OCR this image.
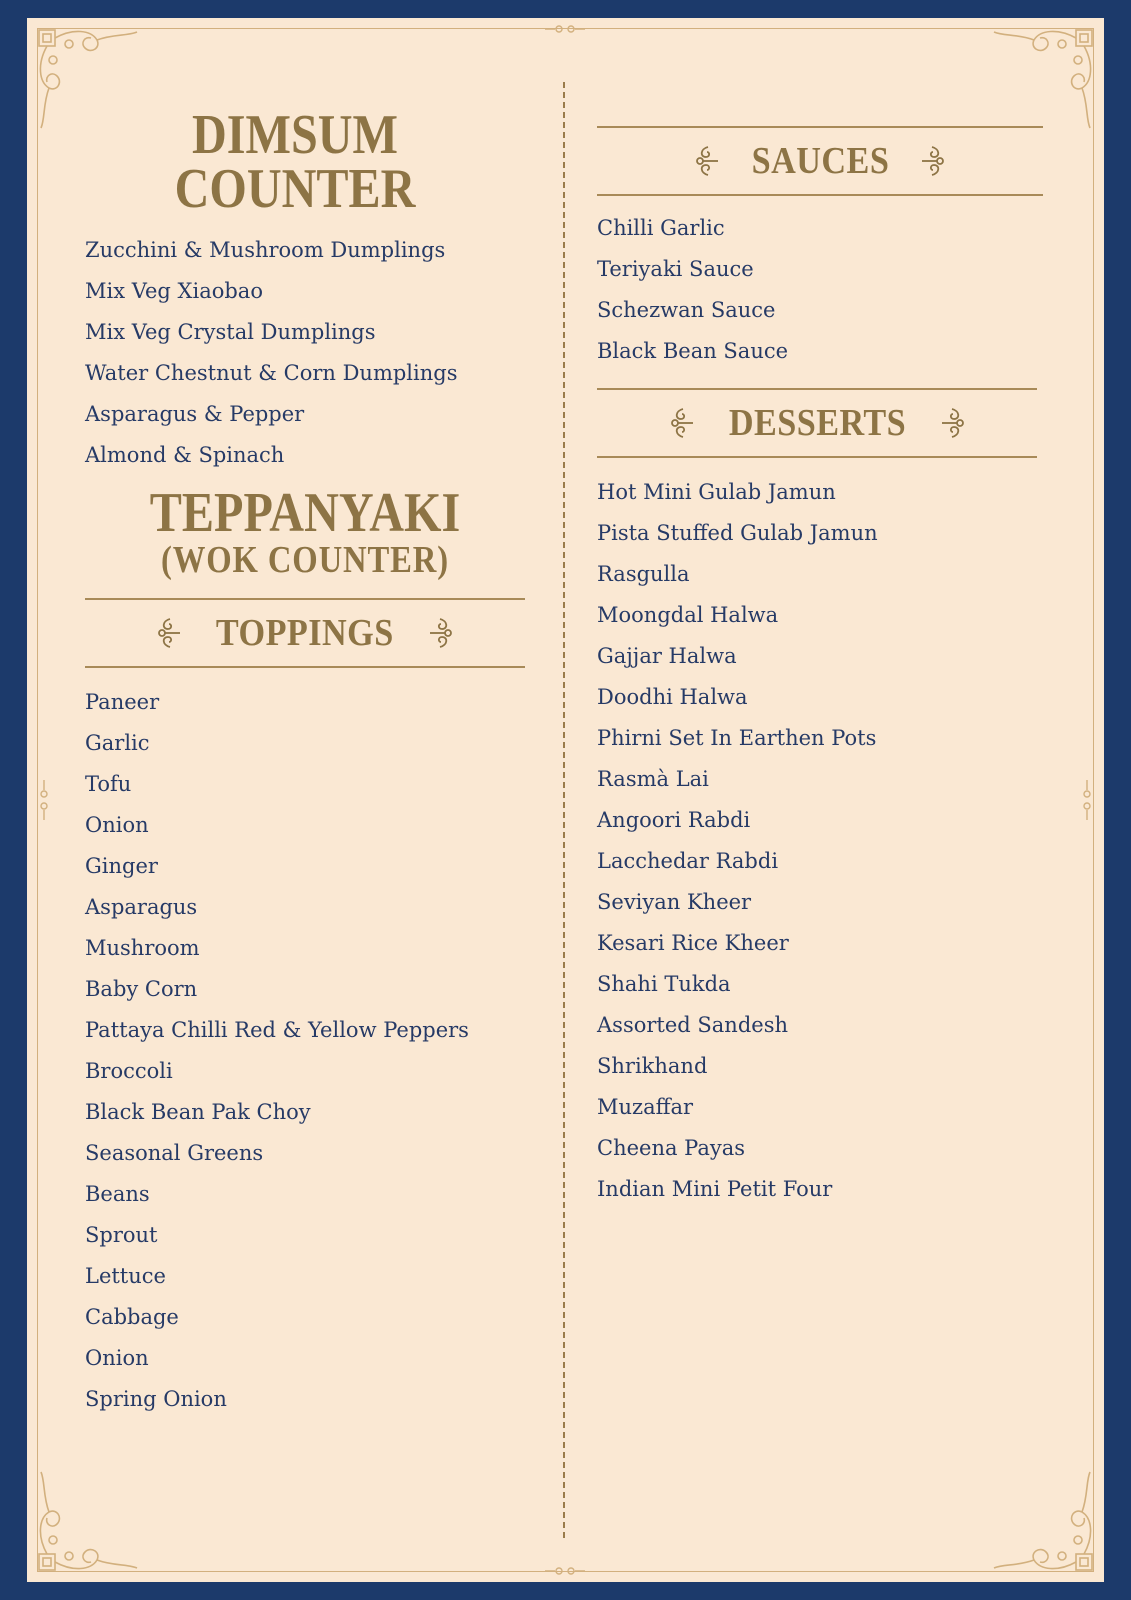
DIMSUM
COUNTER
Zucchini & Mushroom Dumplings
Mix Veg Xiaobao
Mix Veg Crystal Dumplings
Water Chestnut & Corn Dumplings
Asparagus & Pepper
Almond & Spinach
TEPPANYAKI
(WOK COUNTER)
TOPPINGS
Paneer
Garlic
Tofu
Onion
Ginger
Asparagus
Mushroom
Baby Corn
Pattaya Chilli Red & Yellow Peppers
Broccoli
Black Bean Pak Choy
Seasonal Greens
Beans
Sprout
Lettuce
Cabbage
Onion
Spring Onion
SAUCES
Chilli Garlic
Teriyaki Sauce
Schezwan Sauce
Black Bean Sauce
DESSERTS
Hot Mini Gulab Jamun
Pista Stuffed Gulab Jamun
Rasgulla
Moongdal Halwa
Gajjar Halwa
Doodhi Halwa
Phirni Set In Earthen Pots
Rasmà Lai
Angoori Rabdi
Lacchedar Rabdi
Seviyan Kheer
Kesari Rice Kheer
Shahi Tukda
Assorted Sandesh
Shrikhand
Muzaffar
Cheena Payas
Indian Mini Petit Four
